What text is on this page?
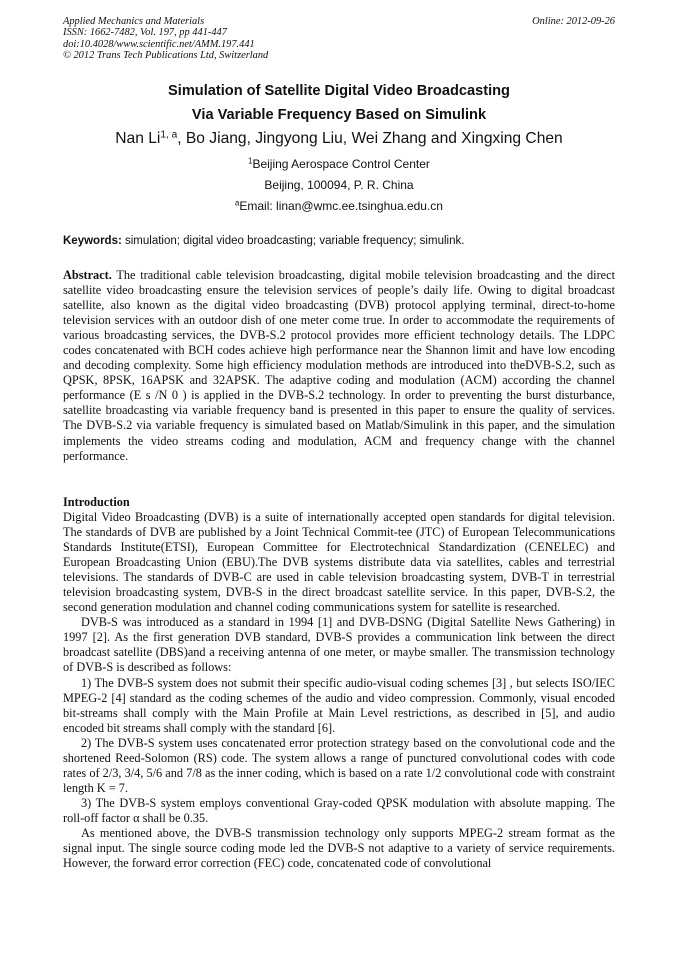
Applied Mechanics and Materials
ISSN: 1662-7482, Vol. 197, pp 441-447
doi:10.4028/www.scientific.net/AMM.197.441
© 2012 Trans Tech Publications Ltd, Switzerland
Online: 2012-09-26
Simulation of Satellite Digital Video Broadcasting
Via Variable Frequency Based on Simulink
Nan Li$^{1, a}$, Bo Jiang, Jingyong Liu, Wei Zhang and Xingxing Chen
$^1$Beijing Aerospace Control Center
Beijing, 100094, P. R. China
$^a$Email: linan@wmc.ee.tsinghua.edu.cn
Keywords: simulation; digital video broadcasting; variable frequency; simulink.

Abstract. The traditional cable television broadcasting, digital mobile television broadcasting and the direct satellite video broadcasting ensure the television services of people’s daily life. Owing to digital broadcast satellite, also known as the digital video broadcasting (DVB) protocol applying terminal, direct-to-home television services with an outdoor dish of one meter come true. In order to accommodate the requirements of various broadcasting services, the DVB-S.2 protocol provides more efficient technology details. The LDPC codes concatenated with BCH codes achieve high performance near the Shannon limit and have low encoding and decoding complexity. Some high efficiency modulation methods are introduced into theDVB-S.2, such as QPSK, 8PSK, 16APSK and 32APSK. The adaptive coding and modulation (ACM) according the channel performance (E s /N 0 ) is applied in the DVB-S.2 technology. In order to preventing the burst disturbance, satellite broadcasting via variable frequency band is presented in this paper to ensure the quality of services. The DVB-S.2 via variable frequency is simulated based on Matlab/Simulink in this paper, and the simulation implements the video streams coding and modulation, ACM and frequency change with the channel performance.

Introduction

Digital Video Broadcasting (DVB) is a suite of internationally accepted open standards for digital television. The standards of DVB are published by a Joint Technical Commit-tee (JTC) of European Telecommunications Standards Institute(ETSI), European Committee for Electrotechnical Standardization (CENELEC) and European Broadcasting Union (EBU).The DVB systems distribute data via satellites, cables and terrestrial televisions. The standards of DVB-C are used in cable television broadcasting system, DVB-T in terrestrial television broadcasting system, DVB-S in the direct broadcast satellite service. In this paper, DVB-S.2, the second generation modulation and channel coding communications system for satellite is researched.

DVB-S was introduced as a standard in 1994 [1] and DVB-DSNG (Digital Satellite News Gathering) in 1997 [2]. As the first generation DVB standard, DVB-S provides a communication link between the direct broadcast satellite (DBS)and a receiving antenna of one meter, or maybe smaller. The transmission technology of DVB-S is described as follows:

1) The DVB-S system does not submit their specific audio-visual coding schemes [3] , but selects ISO/IEC MPEG-2 [4] standard as the coding schemes of the audio and video compression. Commonly, visual encoded bit-streams shall comply with the Main Profile at Main Level restrictions, as described in [5], and audio encoded bit streams shall comply with the standard [6].

2) The DVB-S system uses concatenated error protection strategy based on the convolutional code and the shortened Reed-Solomon (RS) code. The system allows a range of punctured convolutional codes with code rates of 2/3, 3/4, 5/6 and 7/8 as the inner coding, which is based on a rate 1/2 convolutional code with constraint length K = 7.

3) The DVB-S system employs conventional Gray-coded QPSK modulation with absolute mapping. The roll-off factor α shall be 0.35.

As mentioned above, the DVB-S transmission technology only supports MPEG-2 stream format as the signal input. The single source coding mode led the DVB-S not adaptive to a variety of service requirements. However, the forward error correction (FEC) code, concatenated code of convolutional
